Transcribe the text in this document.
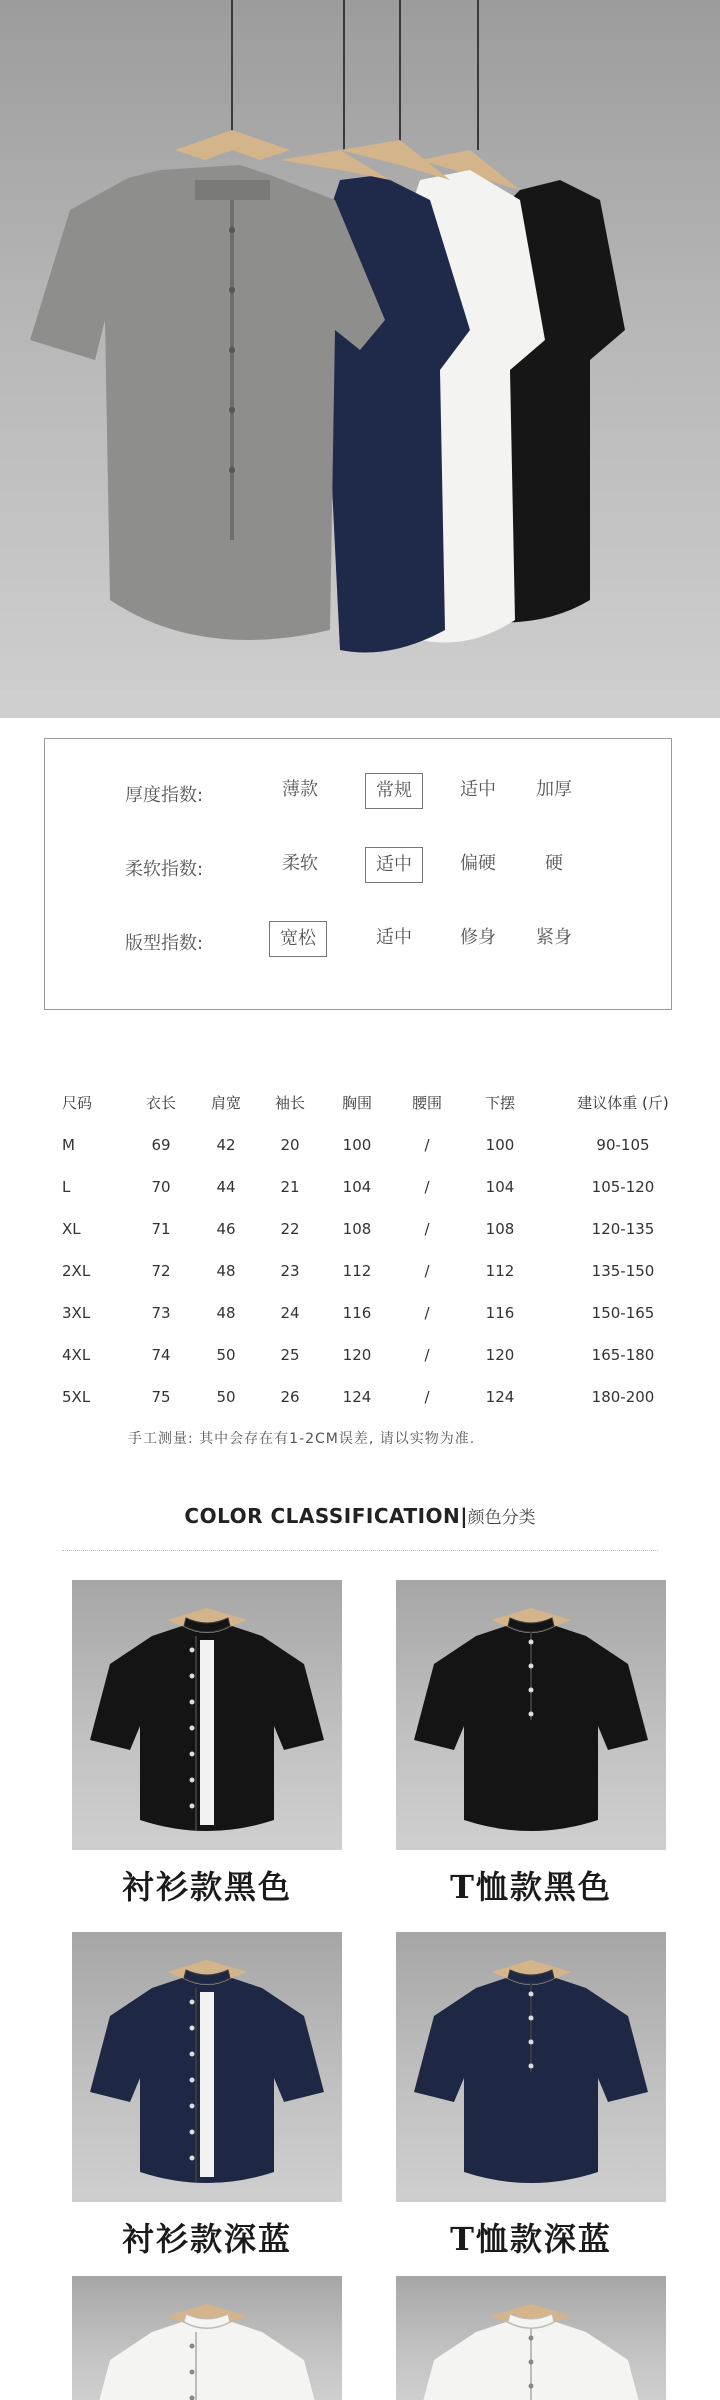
厚度指数:	薄款	常规	适中	加厚
柔软指数:	柔软	适中	偏硬	硬
版型指数:	宽松	适中	修身	紧身
尺码	衣长	肩宽	袖长	胸围	腰围	下摆	建议体重 (斤)
M	69	42	20	100	/	100	90-105
L	70	44	21	104	/	104	105-120
XL	71	46	22	108	/	108	120-135
2XL	72	48	23	112	/	112	135-150
3XL	73	48	24	116	/	116	150-165
4XL	74	50	25	120	/	120	165-180
5XL	75	50	26	124	/	124	180-200
手工测量: 其中会存在有1-2CM误差, 请以实物为准.
COLOR CLASSIFICATION|颜色分类
衬衫款黑色	T恤款黑色
衬衫款深蓝	T恤款深蓝
